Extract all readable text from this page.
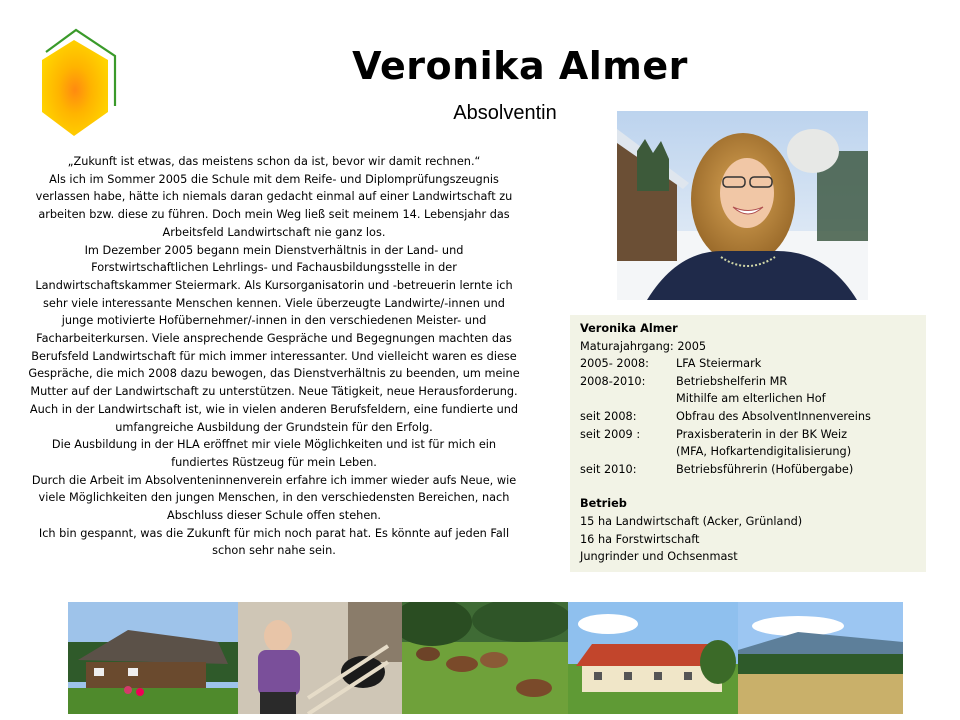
Veronika Almer
Absolventin

„Zukunft ist etwas, das meistens schon da ist, bevor wir damit rechnen.“

Als ich im Sommer 2005 die Schule mit dem Reife- und Diplomprüfungszeugnis verlassen habe, hätte ich niemals daran gedacht einmal auf einer Landwirtschaft zu arbeiten bzw. diese zu führen. Doch mein Weg ließ seit meinem 14. Lebensjahr das Arbeitsfeld Landwirtschaft nie ganz los.

Im Dezember 2005 begann mein Dienstverhältnis in der Land- und Forstwirtschaftlichen Lehrlings- und Fachausbildungsstelle in der Landwirtschaftskammer Steiermark. Als Kursorganisatorin und -betreuerin lernte ich sehr viele interessante Menschen kennen. Viele überzeugte Landwirte/-innen und junge motivierte Hofübernehmer/-innen in den verschiedenen Meister- und Facharbeiterkursen. Viele ansprechende Gespräche und Begegnungen machten das Berufsfeld Landwirtschaft für mich immer interessanter. Und vielleicht waren es diese Gespräche, die mich 2008 dazu bewogen, das Dienstverhältnis zu beenden, um meine Mutter auf der Landwirtschaft zu unterstützen. Neue Tätigkeit, neue Herausforderung.

Auch in der Landwirtschaft ist, wie in vielen anderen Berufsfeldern, eine fundierte und umfangreiche Ausbildung der Grundstein für den Erfolg.

Die Ausbildung in der HLA eröffnet mir viele Möglichkeiten und ist für mich ein fundiertes Rüstzeug für mein Leben.

Durch die Arbeit im Absolventeninnenverein erfahre ich immer wieder aufs Neue, wie viele Möglichkeiten den jungen Menschen, in den verschiedensten Bereichen, nach Abschluss dieser Schule offen stehen.

Ich bin gespannt, was die Zukunft für mich noch parat hat. Es könnte auf jeden Fall schon sehr nahe sein.

Veronika Almer
Maturajahrgang: 2005
2005- 2008:	LFA Steiermark
2008-2010:	Betriebshelferin MR
Mithilfe am elterlichen Hof
seit 2008:	Obfrau des AbsolventInnenvereins
seit 2009 :	Praxisberaterin in der BK Weiz
(MFA, Hofkartendigitalisierung)
seit 2010:	Betriebsführerin (Hofübergabe)
Betrieb
15 ha Landwirtschaft (Acker, Grünland)
16 ha Forstwirtschaft
Jungrinder und Ochsenmast
